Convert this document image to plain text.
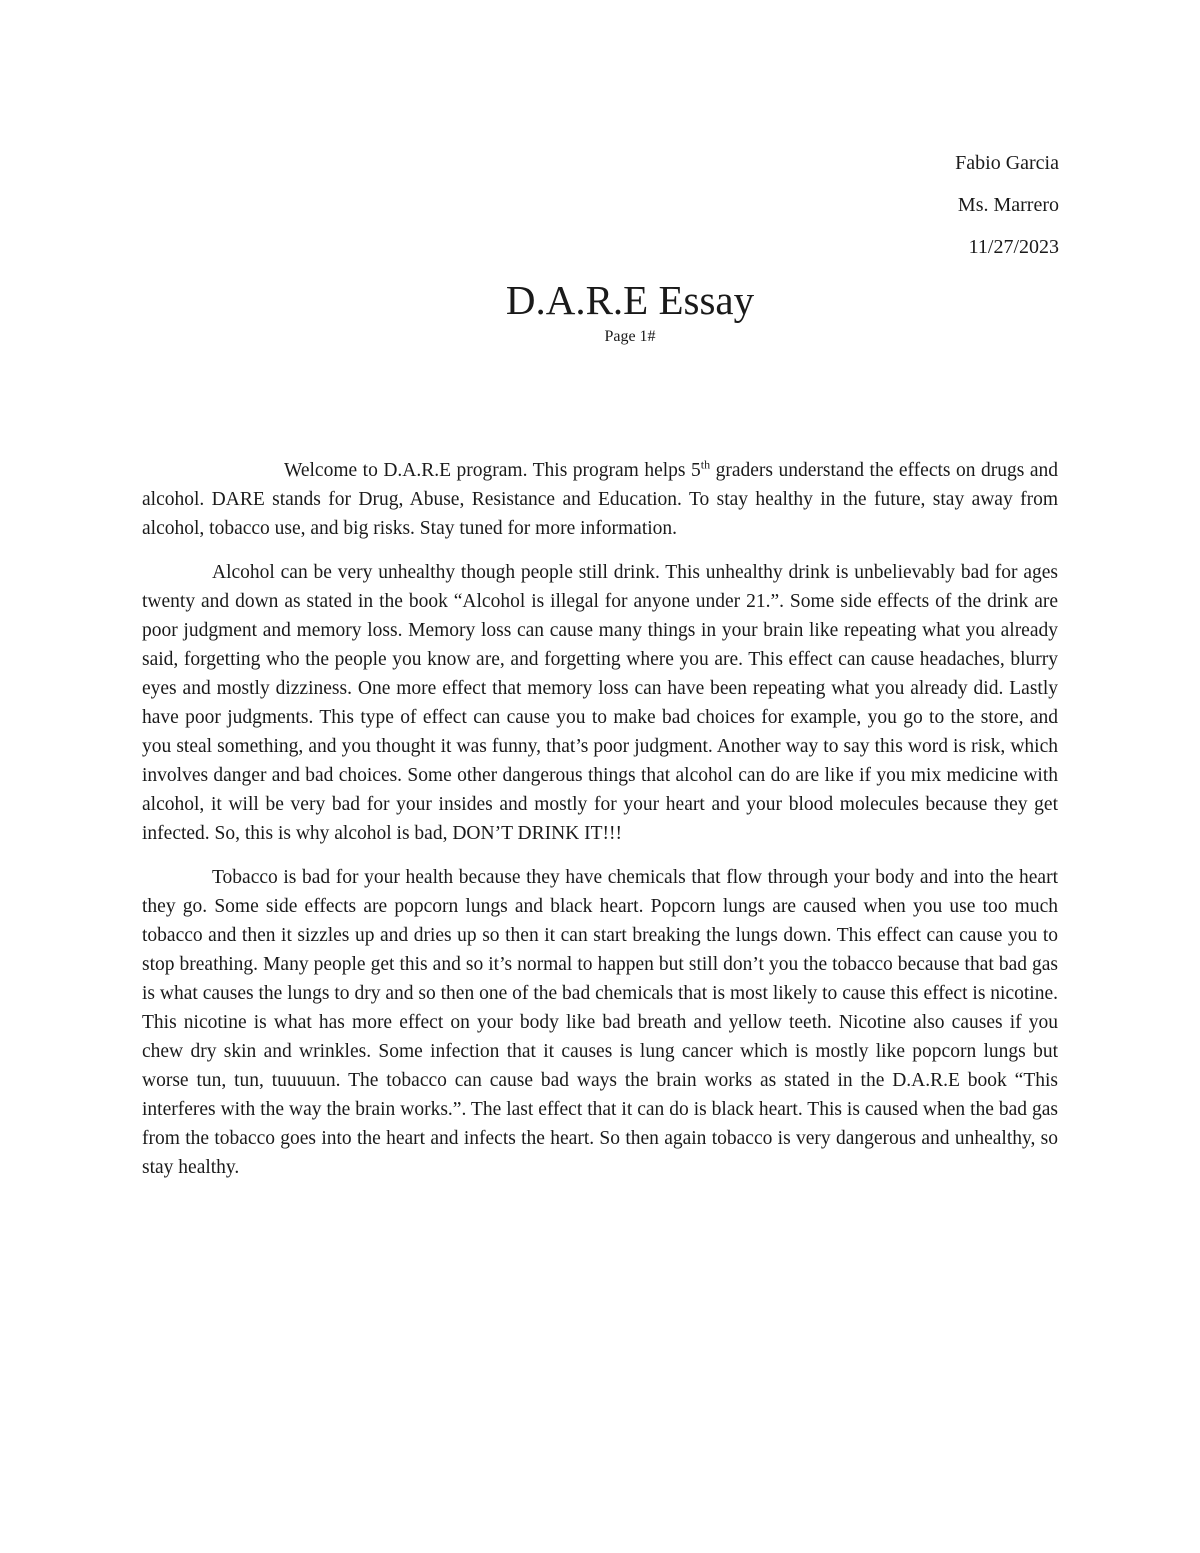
Fabio Garcia
Ms. Marrero
11/27/2023
D.A.R.E Essay
Page 1#

Welcome to D.A.R.E program. This program helps 5th graders understand the effects on drugs and alcohol. DARE stands for Drug, Abuse, Resistance and Education. To stay healthy in the future, stay away from alcohol, tobacco use, and big risks. Stay tuned for more information.

Alcohol can be very unhealthy though people still drink. This unhealthy drink is unbelievably bad for ages twenty and down as stated in the book “Alcohol is illegal for anyone under 21.”. Some side effects of the drink are poor judgment and memory loss. Memory loss can cause many things in your brain like repeating what you already said, forgetting who the people you know are, and forgetting where you are. This effect can cause headaches, blurry eyes and mostly dizziness. One more effect that memory loss can have been repeating what you already did. Lastly have poor judgments. This type of effect can cause you to make bad choices for example, you go to the store, and you steal something, and you thought it was funny, that’s poor judgment. Another way to say this word is risk, which involves danger and bad choices. Some other dangerous things that alcohol can do are like if you mix medicine with alcohol, it will be very bad for your insides and mostly for your heart and your blood molecules because they get infected. So, this is why alcohol is bad, DON’T DRINK IT!!!

Tobacco is bad for your health because they have chemicals that flow through your body and into the heart they go. Some side effects are popcorn lungs and black heart. Popcorn lungs are caused when you use too much tobacco and then it sizzles up and dries up so then it can start breaking the lungs down. This effect can cause you to stop breathing. Many people get this and so it’s normal to happen but still don’t you the tobacco because that bad gas is what causes the lungs to dry and so then one of the bad chemicals that is most likely to cause this effect is nicotine. This nicotine is what has more effect on your body like bad breath and yellow teeth. Nicotine also causes if you chew dry skin and wrinkles. Some infection that it causes is lung cancer which is mostly like popcorn lungs but worse tun, tun, tuuuuun. The tobacco can cause bad ways the brain works as stated in the D.A.R.E book “This interferes with the way the brain works.”. The last effect that it can do is black heart. This is caused when the bad gas from the tobacco goes into the heart and infects the heart. So then again tobacco is very dangerous and unhealthy, so stay healthy.
